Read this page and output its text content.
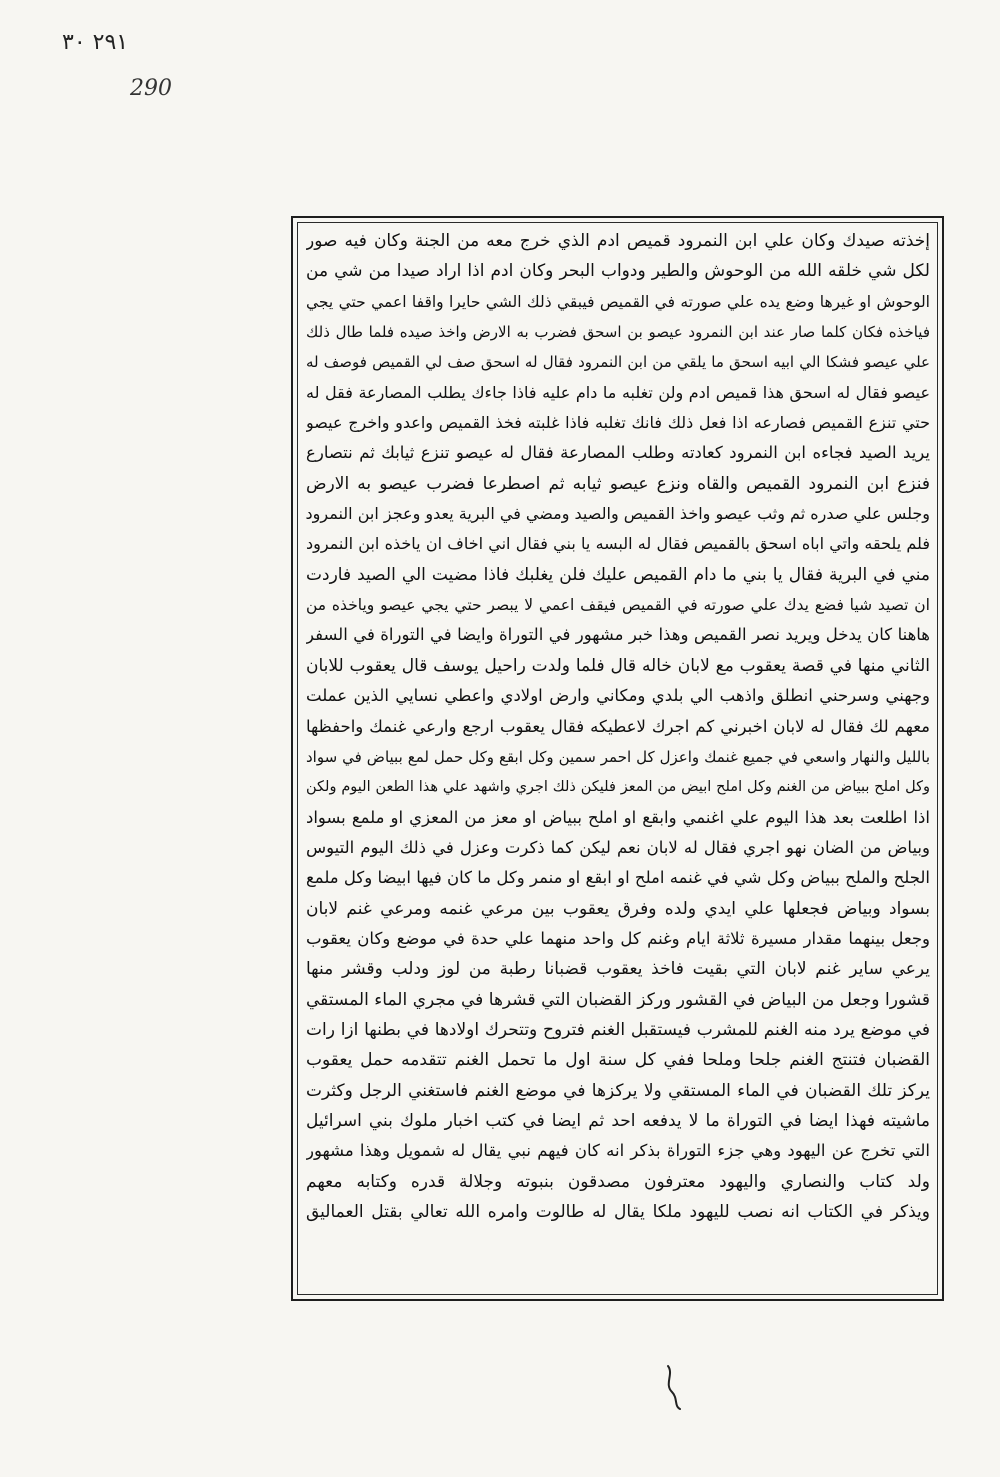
٢٩١ ٣٠
290
إخذته صيدك وكان علي ابن النمرود قميص ادم الذي خرج معه من الجنة وكان فيه صور
لكل شي خلقه الله من الوحوش والطير ودواب البحر وكان ادم اذا اراد صيدا من شي من
الوحوش او غيرها وضع يده علي صورته في القميص فيبقي ذلك الشي حايرا واقفا اعمي حتي يجي
فياخذه فكان كلما صار عند ابن النمرود عيصو بن اسحق فضرب به الارض واخذ صيده فلما طال ذلك
علي عيصو فشكا الي ابيه اسحق ما يلقي من ابن النمرود فقال له اسحق صف لي القميص فوصف له
عيصو فقال له اسحق هذا قميص ادم ولن تغلبه ما دام عليه فاذا جاءك يطلب المصارعة فقل له
حتي تنزع القميص فصارعه اذا فعل ذلك فانك تغلبه فاذا غلبته فخذ القميص واعدو واخرج عيصو
يريد الصيد فجاءه ابن النمرود كعادته وطلب المصارعة فقال له عيصو تنزع ثيابك ثم نتصارع
فنزع ابن النمرود القميص والقاه ونزع عيصو ثيابه ثم اصطرعا فضرب عيصو به الارض
وجلس علي صدره ثم وثب عيصو واخذ القميص والصيد ومضي في البرية يعدو وعجز ابن النمرود
فلم يلحقه واتي اباه اسحق بالقميص فقال له البسه يا بني فقال اني اخاف ان ياخذه ابن النمرود
مني في البرية فقال يا بني ما دام القميص عليك فلن يغلبك فاذا مضيت الي الصيد فاردت
ان تصيد شيا فضع يدك علي صورته في القميص فيقف اعمي لا يبصر حتي يجي عيصو وياخذه من
هاهنا كان يدخل ويريد نصر القميص وهذا خبر مشهور في التوراة وايضا في التوراة في السفر
الثاني منها في قصة يعقوب مع لابان خاله قال فلما ولدت راحيل يوسف قال يعقوب للابان
وجهني وسرحني انطلق واذهب الي بلدي ومكاني وارض اولادي واعطي نسايي الذين عملت
معهم لك فقال له لابان اخبرني كم اجرك لاعطيكه فقال يعقوب ارجع وارعي غنمك واحفظها
بالليل والنهار واسعي في جميع غنمك واعزل كل احمر سمين وكل ابقع وكل حمل لمع ببياض في سواد
وكل املح ببياض من الغنم وكل املح ابيض من المعز فليكن ذلك اجري واشهد علي هذا الطعن اليوم ولكن
اذا اطلعت بعد هذا اليوم علي اغنمي وابقع او املح ببياض او معز من المعزي او ملمع بسواد
وبياض من الضان نهو اجري فقال له لابان نعم ليكن كما ذكرت وعزل في ذلك اليوم التيوس
الجلح والملح ببياض وكل شي في غنمه املح او ابقع او منمر وكل ما كان فيها ابيضا وكل ملمع
بسواد وبياض فجعلها علي ايدي ولده وفرق يعقوب بين مرعي غنمه ومرعي غنم لابان
وجعل بينهما مقدار مسيرة ثلاثة ايام وغنم كل واحد منهما علي حدة في موضع وكان يعقوب
يرعي ساير غنم لابان التي بقيت فاخذ يعقوب قضبانا رطبة من لوز ودلب وقشر منها
قشورا وجعل من البياض في القشور وركز القضبان التي قشرها في مجري الماء المستقي
في موضع يرد منه الغنم للمشرب فيستقبل الغنم فتروح وتتحرك اولادها في بطنها ازا رات
القضبان فتنتج الغنم جلحا وملحا ففي كل سنة اول ما تحمل الغنم تتقدمه حمل يعقوب
يركز تلك القضبان في الماء المستقي ولا يركزها في موضع الغنم فاستغني الرجل وكثرت
ماشيته فهذا ايضا في التوراة ما لا يدفعه احد ثم ايضا في كتب اخبار ملوك بني اسرائيل
التي تخرج عن اليهود وهي جزء التوراة بذكر انه كان فيهم نبي يقال له شمويل وهذا مشهور
ولد كتاب والنصاري واليهود معترفون مصدقون بنبوته وجلالة قدره وكتابه معهم
ويذكر في الكتاب انه نصب لليهود ملكا يقال له طالوت وامره الله تعالي بقتل العماليق
